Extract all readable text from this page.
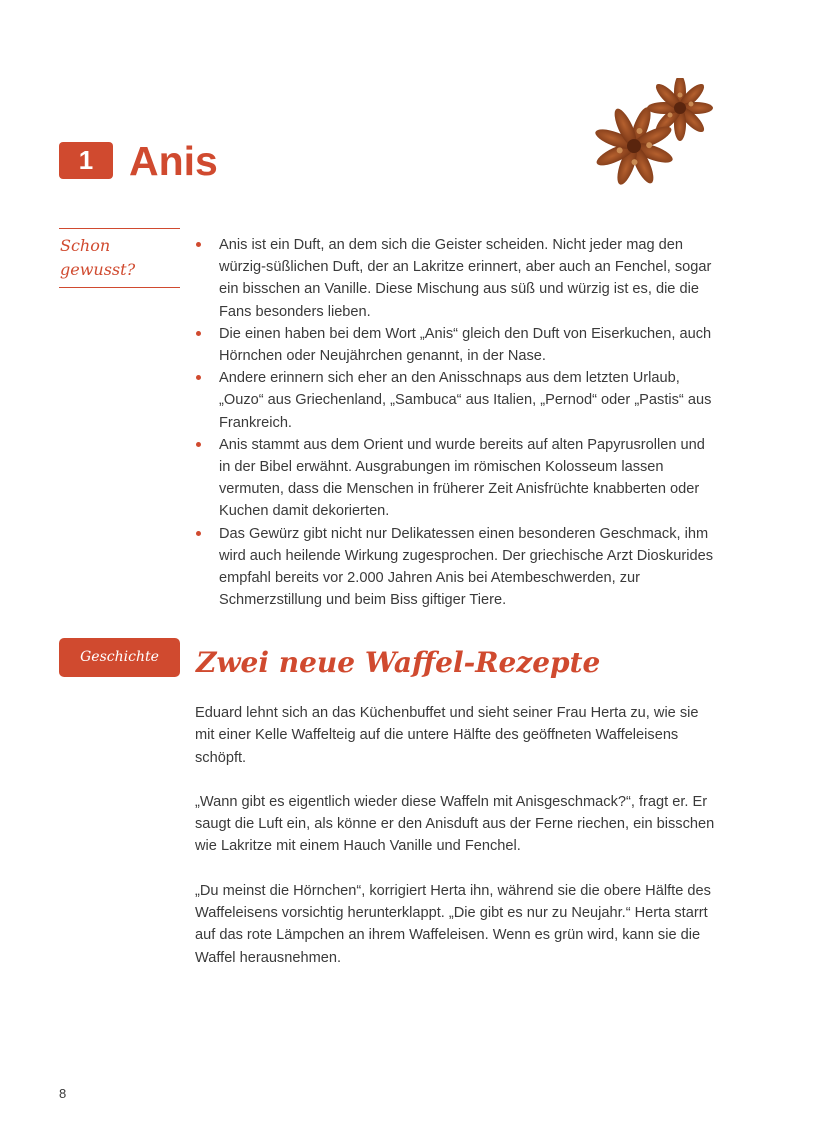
1 Anis
Schon
gewusst?
Anis ist ein Duft, an dem sich die Geister scheiden. Nicht jeder mag den würzig-süßlichen Duft, der an Lakritze erinnert, aber auch an Fenchel, sogar ein bisschen an Vanille. Diese Mischung aus süß und würzig ist es, die die Fans besonders lieben.
Die einen haben bei dem Wort „Anis“ gleich den Duft von Eiserkuchen, auch Hörnchen oder Neujährchen genannt, in der Nase.
Andere erinnern sich eher an den Anisschnaps aus dem letzten Urlaub, „Ouzo“ aus Griechenland, „Sambuca“ aus Italien, „Pernod“ oder „Pastis“ aus Frankreich.
Anis stammt aus dem Orient und wurde bereits auf alten Papyrusrollen und in der Bibel erwähnt. Ausgrabungen im römischen Kolosseum lassen vermuten, dass die Menschen in früherer Zeit Anisfrüchte knabberten oder Kuchen damit dekorierten.
Das Gewürz gibt nicht nur Delikatessen einen besonderen Geschmack, ihm wird auch heilende Wirkung zugesprochen. Der griechische Arzt Dioskurides empfahl bereits vor 2.000 Jahren Anis bei Atembeschwerden, zur Schmerzstillung und beim Biss giftiger Tiere.
Geschichte	Zwei neue Waffel-Rezepte

Eduard lehnt sich an das Küchenbuffet und sieht seiner Frau Herta zu, wie sie mit einer Kelle Waffelteig auf die untere Hälfte des geöffneten Waffeleisens schöpft.

„Wann gibt es eigentlich wieder diese Waffeln mit Anisgeschmack?“, fragt er. Er saugt die Luft ein, als könne er den Anisduft aus der Ferne riechen, ein bisschen wie Lakritze mit einem Hauch Vanille und Fenchel.

„Du meinst die Hörnchen“, korrigiert Herta ihn, während sie die obere Hälfte des Waffeleisens vorsichtig herunterklappt. „Die gibt es nur zu Neujahr.“ Herta starrt auf das rote Lämpchen an ihrem Waffeleisen. Wenn es grün wird, kann sie die Waffel herausnehmen.

8
